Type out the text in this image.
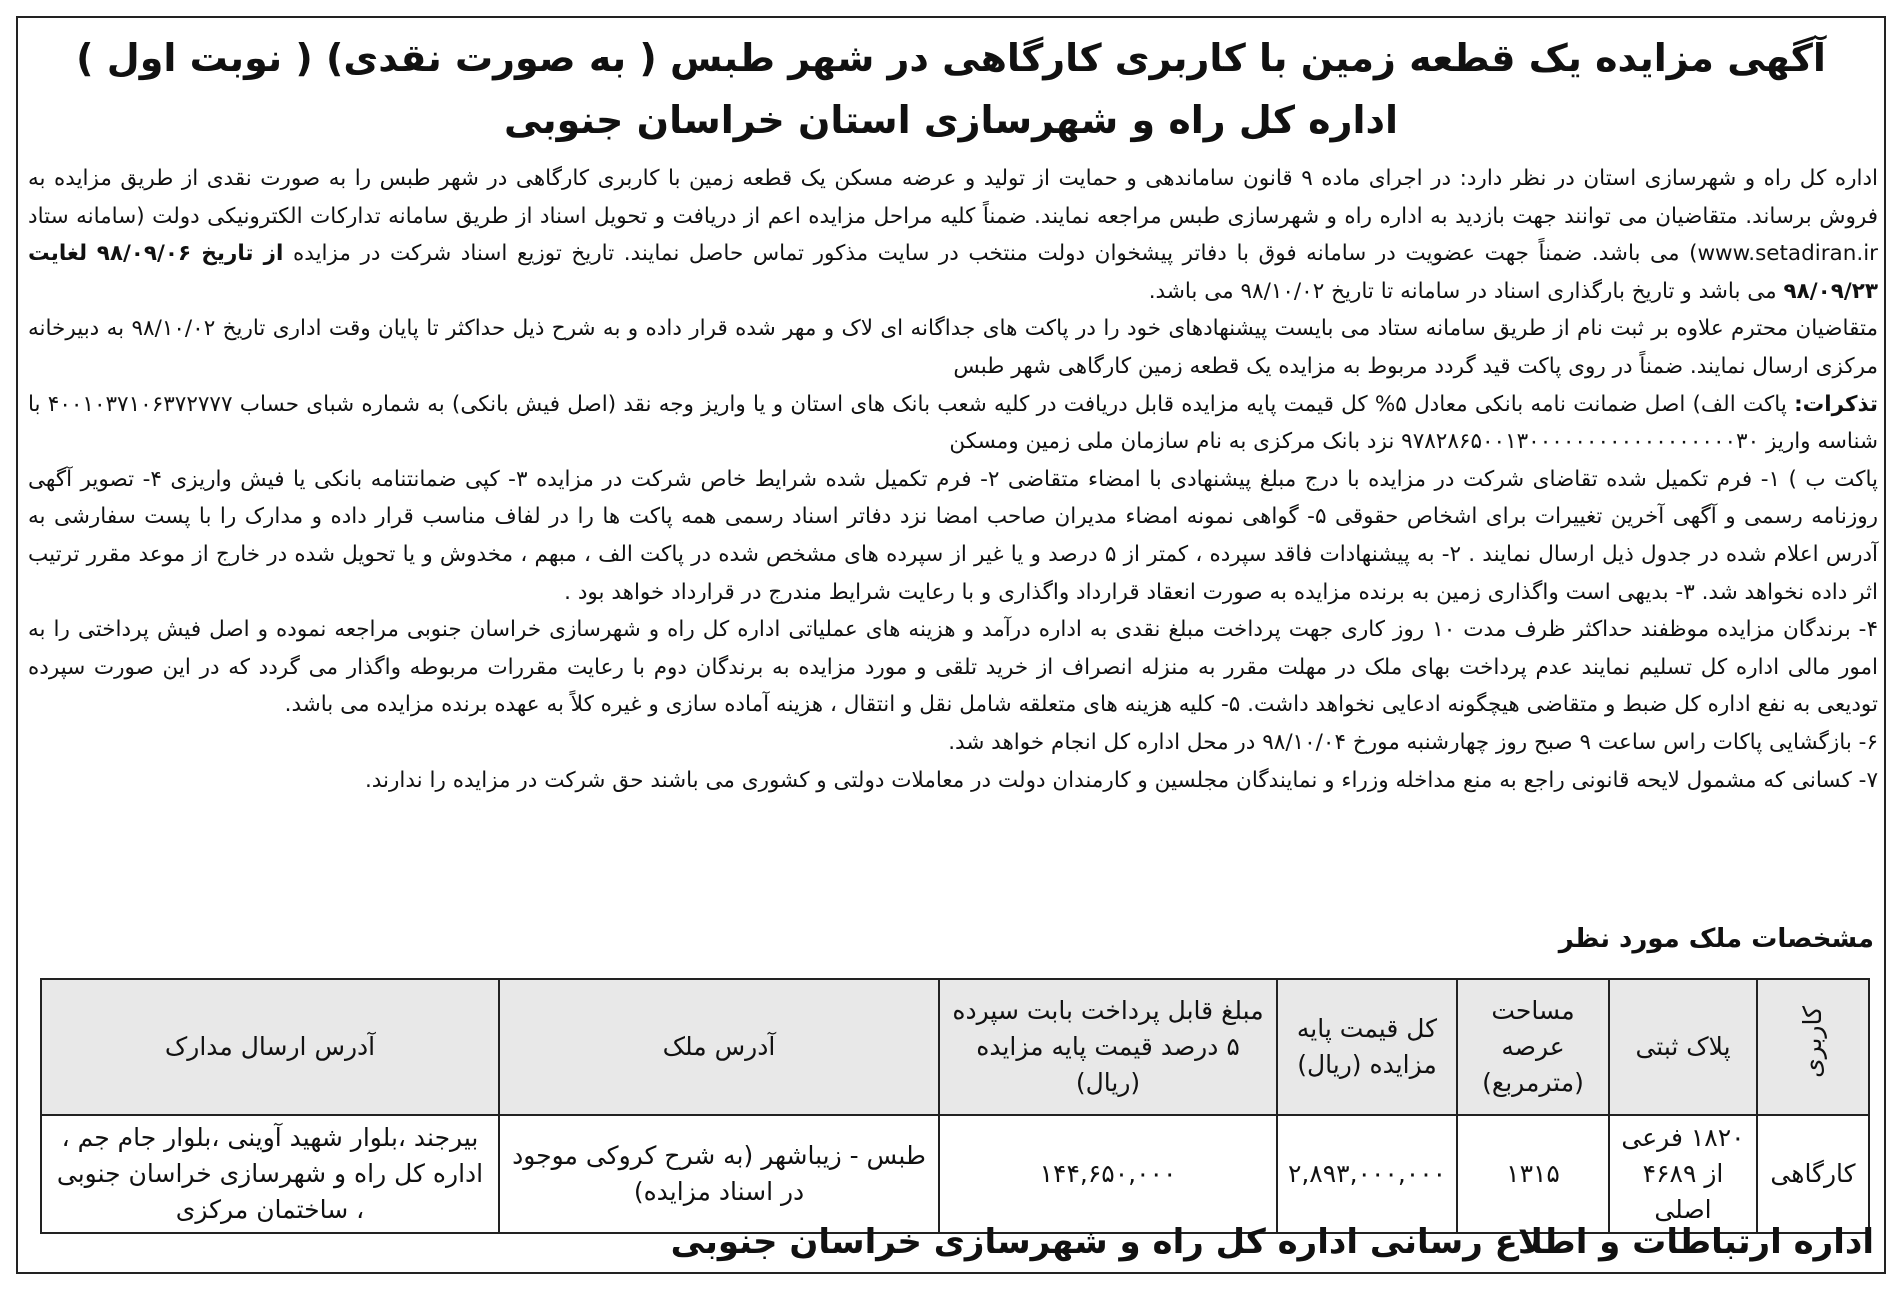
آگهی مزایده یک قطعه زمین با کاربری کارگاهی در شهر طبس ( به صورت نقدی) ( نوبت اول )
اداره کل راه و شهرسازی استان خراسان جنوبی

اداره کل راه و شهرسازی استان در نظر دارد: در اجرای ماده ۹ قانون ساماندهی و حمایت از تولید و عرضه مسکن یک قطعه زمین با کاربری کارگاهی در شهر طبس را به صورت نقدی از طریق مزایده به فروش برساند. متقاضیان می توانند جهت بازدید به اداره راه و شهرسازی طبس مراجعه نمایند. ضمناً کلیه مراحل مزایده اعم از دریافت و تحویل اسناد از طریق سامانه تدارکات الکترونیکی دولت (سامانه ستاد (www.setadiran.ir می باشد. ضمناً جهت عضویت در سامانه فوق با دفاتر پیشخوان دولت منتخب در سایت مذکور تماس حاصل نمایند. تاریخ توزیع اسناد شرکت در مزایده از تاریخ ۹۸/۰۹/۰۶ لغایت ۹۸/۰۹/۲۳ می باشد و تاریخ بارگذاری اسناد در سامانه تا تاریخ ۹۸/۱۰/۰۲ می باشد.

متقاضیان محترم علاوه بر ثبت نام از طریق سامانه ستاد می بایست پیشنهادهای خود را در پاکت های جداگانه ای لاک و مهر شده قرار داده و به شرح ذیل حداکثر تا پایان وقت اداری تاریخ ۹۸/۱۰/۰۲ به دبیرخانه مرکزی ارسال نمایند. ضمناً در روی پاکت قید گردد مربوط به مزایده یک قطعه زمین کارگاهی شهر طبس

تذکرات: پاکت الف) اصل ضمانت نامه بانکی معادل ۵% کل قیمت پایه مزایده قابل دریافت در کلیه شعب بانک های استان و یا واریز وجه نقد (اصل فیش بانکی) به شماره شبای حساب ۴۰۰۱۰۳۷۱۰۶۳۷۲۷۷۷ با شناسه واریز ۹۷۸۲۸۶۵۰۰۱۳۰۰۰۰۰۰۰۰۰۰۰۰۰۰۰۰۰۰۳۰ نزد بانک مرکزی به نام سازمان ملی زمین ومسکن

پاکت ب ) ۱- فرم تکمیل شده تقاضای شرکت در مزایده با درج مبلغ پیشنهادی با امضاء متقاضی ۲- فرم تکمیل شده شرایط خاص شرکت در مزایده ۳- کپی ضمانتنامه بانکی یا فیش واریزی ۴- تصویر آگهی روزنامه رسمی و آگهی آخرین تغییرات برای اشخاص حقوقی ۵- گواهی نمونه امضاء مدیران صاحب امضا نزد دفاتر اسناد رسمی همه پاکت ها را در لفاف مناسب قرار داده و مدارک را با پست سفارشی به آدرس اعلام شده در جدول ذیل ارسال نمایند . ۲- به پیشنهادات فاقد سپرده ، کمتر از ۵ درصد و یا غیر از سپرده های مشخص شده در پاکت الف ، مبهم ، مخدوش و یا تحویل شده در خارج از موعد مقرر ترتیب اثر داده نخواهد شد. ۳- بدیهی است واگذاری زمین به برنده مزایده به صورت انعقاد قرارداد واگذاری و با رعایت شرایط مندرج در قرارداد خواهد بود .

۴- برندگان مزایده موظفند حداکثر ظرف مدت ۱۰ روز کاری جهت پرداخت مبلغ نقدی به اداره درآمد و هزینه های عملیاتی اداره کل راه و شهرسازی خراسان جنوبی مراجعه نموده و اصل فیش پرداختی را به امور مالی اداره کل تسلیم نمایند عدم پرداخت بهای ملک در مهلت مقرر به منزله انصراف از خرید تلقی و مورد مزایده به برندگان دوم با رعایت مقررات مربوطه واگذار می گردد که در این صورت سپرده تودیعی به نفع اداره کل ضبط و متقاضی هیچگونه ادعایی نخواهد داشت. ۵- کلیه هزینه های متعلقه شامل نقل و انتقال ، هزینه آماده سازی و غیره کلاً به عهده برنده مزایده می باشد.

۶- بازگشایی پاکات راس ساعت ۹ صبح روز چهارشنبه مورخ ۹۸/۱۰/۰۴ در محل اداره کل انجام خواهد شد.

۷- کسانی که مشمول لایحه قانونی راجع به منع مداخله وزراء و نمایندگان مجلسین و کارمندان دولت در معاملات دولتی و کشوری می باشند حق شرکت در مزایده را ندارند.

مشخصات ملک مورد نظر
کاربری	پلاک ثبتی	مساحت عرصه (مترمربع)	کل قیمت پایه مزایده (ریال)	مبلغ قابل پرداخت بابت سپرده ۵ درصد قیمت پایه مزایده (ریال)	آدرس ملک	آدرس ارسال مدارک
کارگاهی	۱۸۲۰ فرعی از ۴۶۸۹ اصلی	۱۳۱۵	۲,۸۹۳,۰۰۰,۰۰۰	۱۴۴,۶۵۰,۰۰۰	طبس - زیباشهر (به شرح کروکی موجود در اسناد مزایده)	بیرجند ،بلوار شهید آوینی ،بلوار جام جم ، اداره کل راه و شهرسازی خراسان جنوبی ، ساختمان مرکزی
اداره ارتباطات و اطلاع رسانی اداره کل راه و شهرسازی خراسان جنوبی
